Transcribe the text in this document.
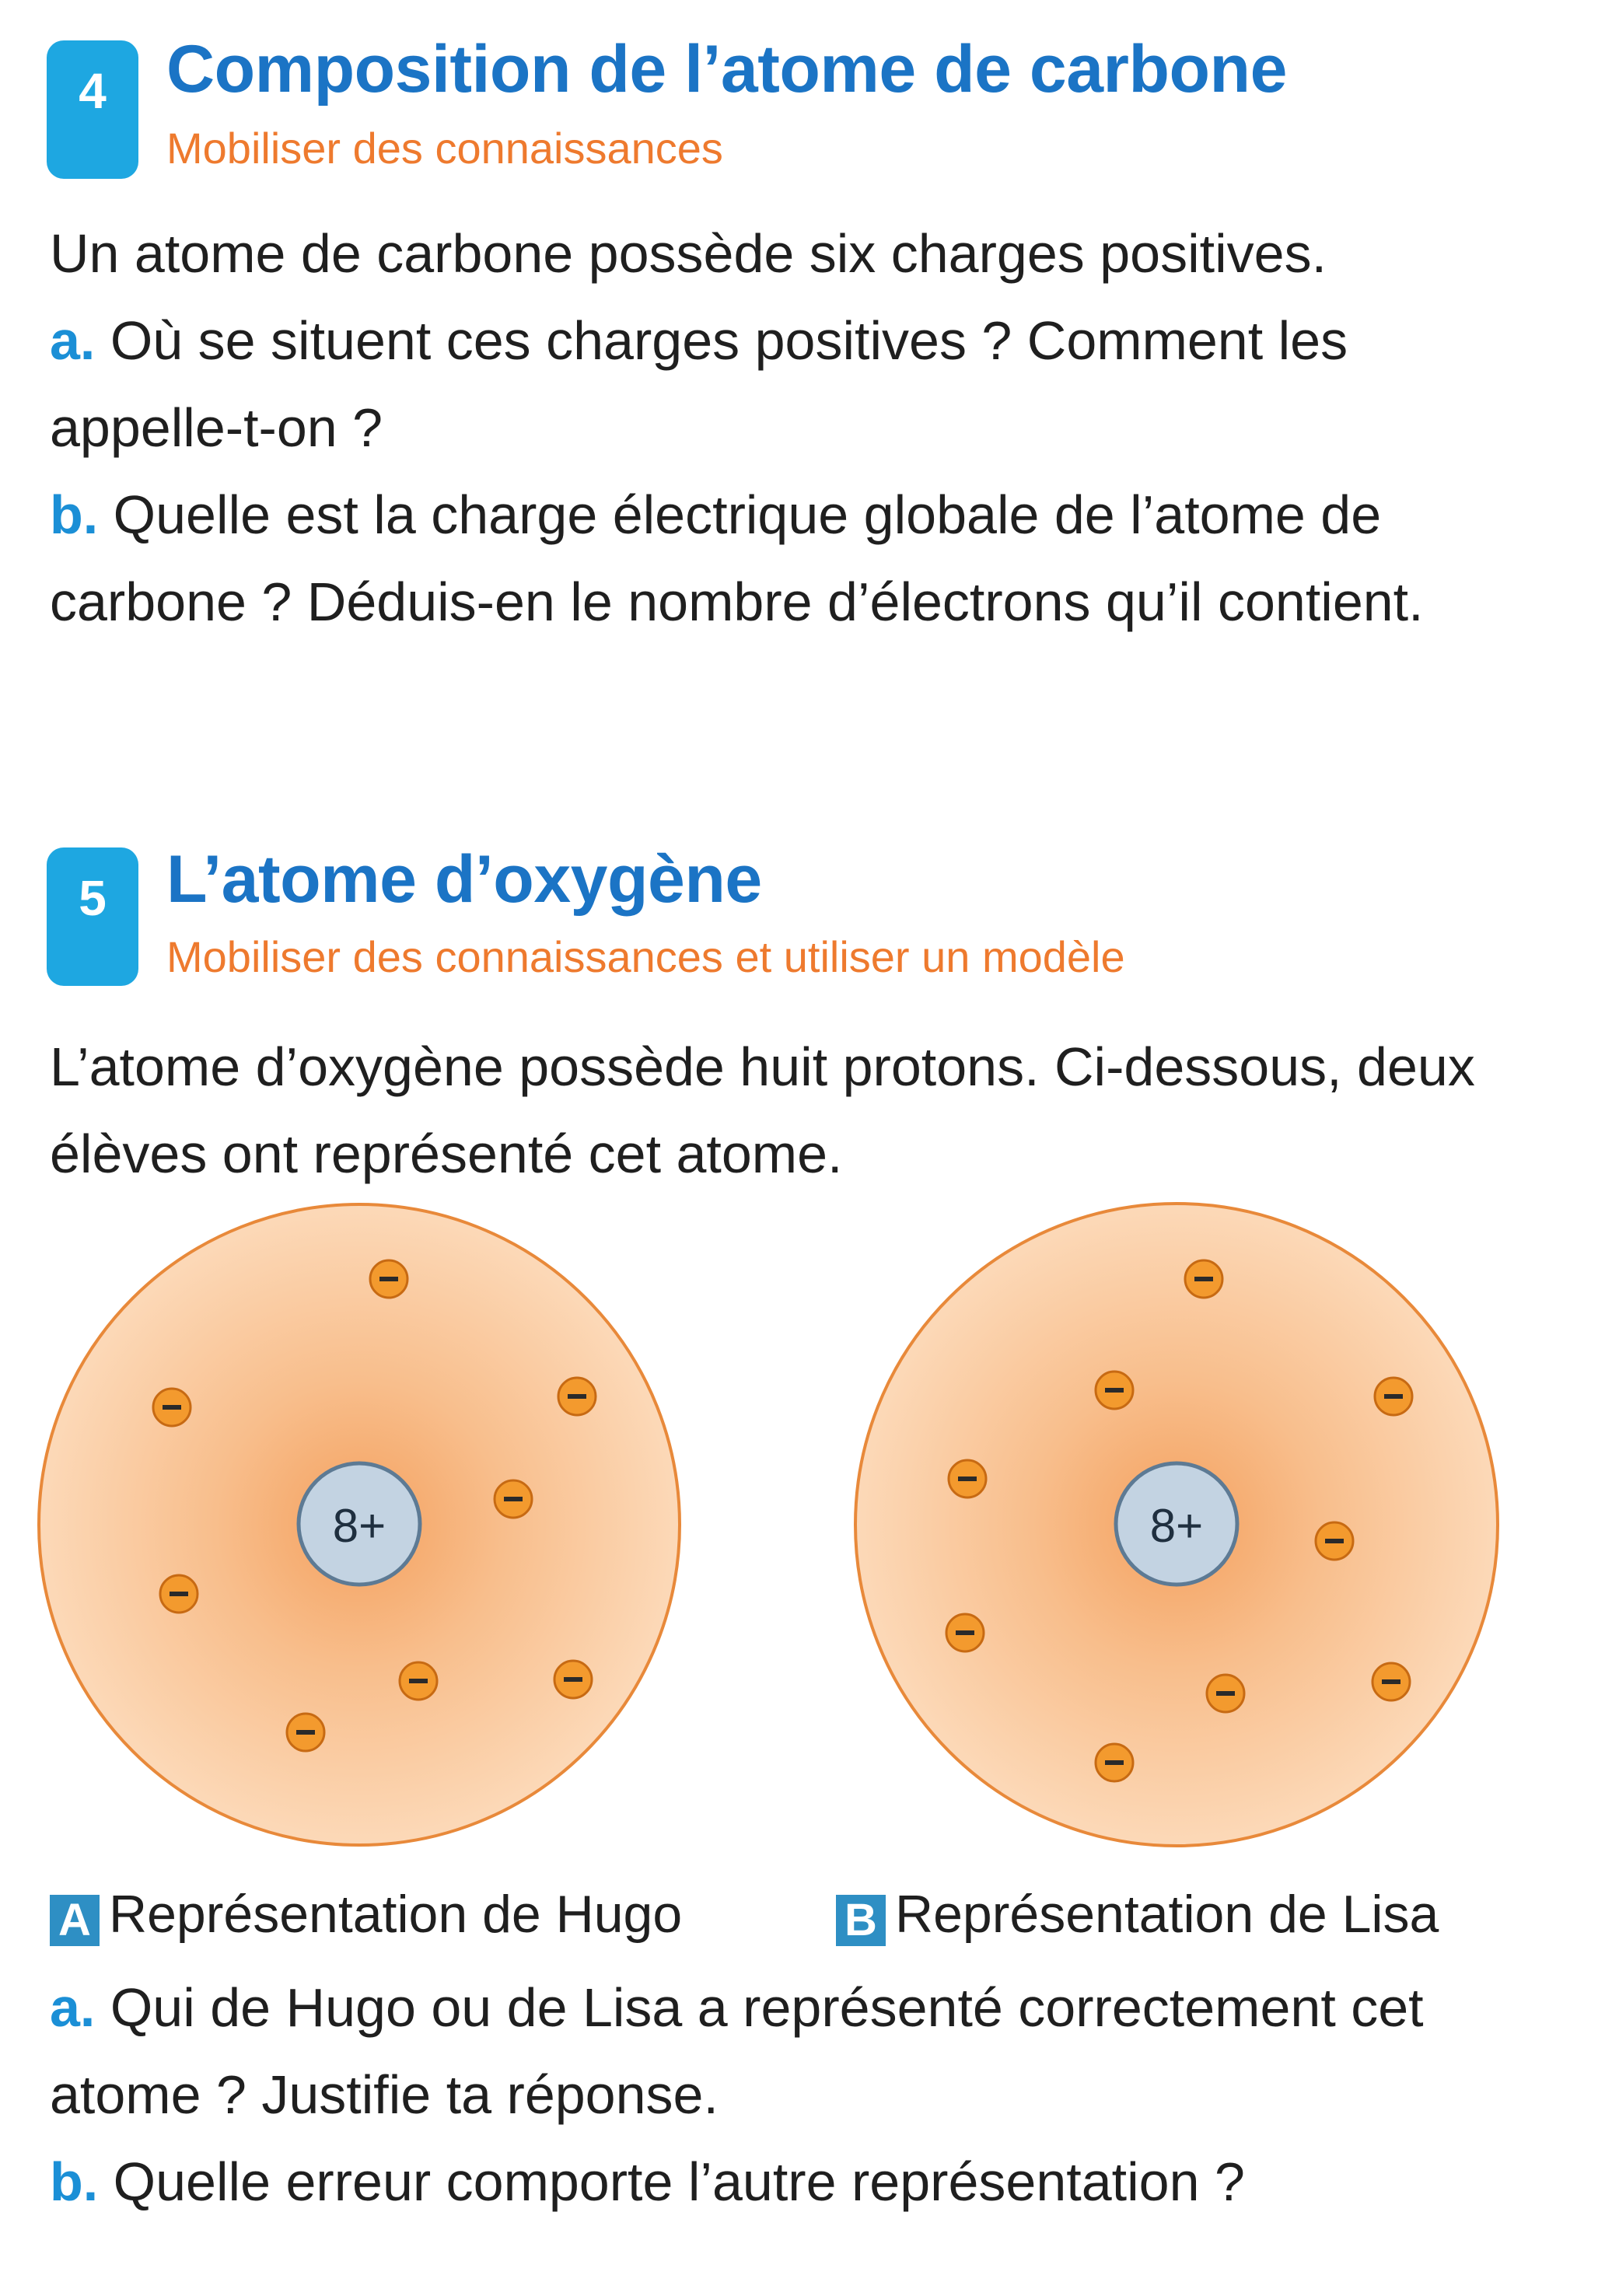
4 Composition de l’atome de carbone
Mobiliser des connaissances
Un atome de carbone possède six charges positives.
a. Où se situent ces charges positives ? Comment les appelle-t-on ?
b. Quelle est la charge électrique globale de l’atome de carbone ? Déduis-en le nombre d’électrons qu’il contient.
5 L’atome d’oxygène
Mobiliser des connaissances et utiliser un modèle
L’atome d’oxygène possède huit protons. Ci-dessous, deux élèves ont représenté cet atome.
8+	8+
A Représentation de Hugo	B Représentation de Lisa
a. Qui de Hugo ou de Lisa a représenté correctement cet atome ? Justifie ta réponse.
b. Quelle erreur comporte l’autre représentation ?
